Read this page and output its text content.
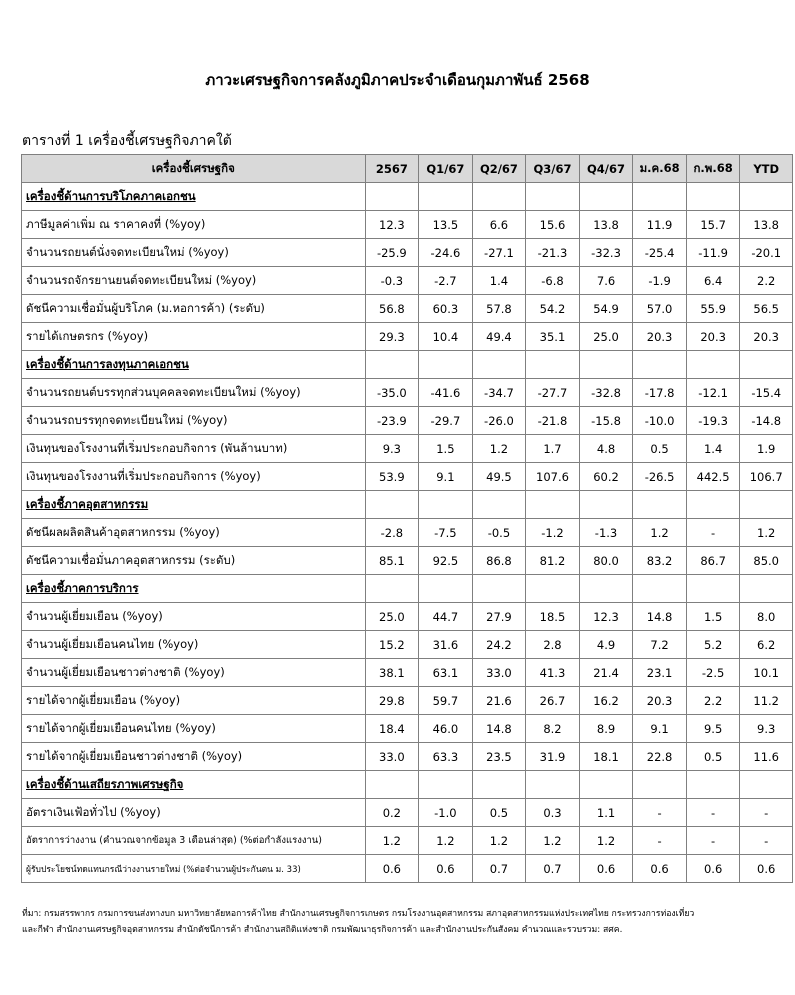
ภาวะเศรษฐกิจการคลังภูมิภาคประจำเดือนกุมภาพันธ์ 2568
ตารางที่ 1 เครื่องชี้เศรษฐกิจภาคใต้
เครื่องชี้เศรษฐกิจ	2567	Q1/67	Q2/67	Q3/67	Q4/67	ม.ค.68	ก.พ.68	YTD
เครื่องชี้ด้านการบริโภคภาคเอกชน								
ภาษีมูลค่าเพิ่ม ณ ราคาคงที่ (%yoy)	12.3	13.5	6.6	15.6	13.8	11.9	15.7	13.8
จำนวนรถยนต์นั่งจดทะเบียนใหม่ (%yoy)	-25.9	-24.6	-27.1	-21.3	-32.3	-25.4	-11.9	-20.1
จำนวนรถจักรยานยนต์จดทะเบียนใหม่ (%yoy)	-0.3	-2.7	1.4	-6.8	7.6	-1.9	6.4	2.2
ดัชนีความเชื่อมั่นผู้บริโภค (ม.หอการค้า) (ระดับ)	56.8	60.3	57.8	54.2	54.9	57.0	55.9	56.5
รายได้เกษตรกร (%yoy)	29.3	10.4	49.4	35.1	25.0	20.3	20.3	20.3
เครื่องชี้ด้านการลงทุนภาคเอกชน								
จำนวนรถยนต์บรรทุกส่วนบุคคลจดทะเบียนใหม่ (%yoy)	-35.0	-41.6	-34.7	-27.7	-32.8	-17.8	-12.1	-15.4
จำนวนรถบรรทุกจดทะเบียนใหม่ (%yoy)	-23.9	-29.7	-26.0	-21.8	-15.8	-10.0	-19.3	-14.8
เงินทุนของโรงงานที่เริ่มประกอบกิจการ (พันล้านบาท)	9.3	1.5	1.2	1.7	4.8	0.5	1.4	1.9
เงินทุนของโรงงานที่เริ่มประกอบกิจการ (%yoy)	53.9	9.1	49.5	107.6	60.2	-26.5	442.5	106.7
เครื่องชี้ภาคอุตสาหกรรม								
ดัชนีผลผลิตสินค้าอุตสาหกรรม (%yoy)	-2.8	-7.5	-0.5	-1.2	-1.3	1.2	-	1.2
ดัชนีความเชื่อมั่นภาคอุตสาหกรรม (ระดับ)	85.1	92.5	86.8	81.2	80.0	83.2	86.7	85.0
เครื่องชี้ภาคการบริการ								
จำนวนผู้เยี่ยมเยือน (%yoy)	25.0	44.7	27.9	18.5	12.3	14.8	1.5	8.0
จำนวนผู้เยี่ยมเยือนคนไทย (%yoy)	15.2	31.6	24.2	2.8	4.9	7.2	5.2	6.2
จำนวนผู้เยี่ยมเยือนชาวต่างชาติ (%yoy)	38.1	63.1	33.0	41.3	21.4	23.1	-2.5	10.1
รายได้จากผู้เยี่ยมเยือน (%yoy)	29.8	59.7	21.6	26.7	16.2	20.3	2.2	11.2
รายได้จากผู้เยี่ยมเยือนคนไทย (%yoy)	18.4	46.0	14.8	8.2	8.9	9.1	9.5	9.3
รายได้จากผู้เยี่ยมเยือนชาวต่างชาติ (%yoy)	33.0	63.3	23.5	31.9	18.1	22.8	0.5	11.6
เครื่องชี้ด้านเสถียรภาพเศรษฐกิจ								
อัตราเงินเฟ้อทั่วไป (%yoy)	0.2	-1.0	0.5	0.3	1.1	-	-	-
อัตราการว่างงาน (คำนวณจากข้อมูล 3 เดือนล่าสุด) (%ต่อกำลังแรงงาน)	1.2	1.2	1.2	1.2	1.2	-	-	-
ผู้รับประโยชน์ทดแทนกรณีว่างงานรายใหม่ (%ต่อจำนวนผู้ประกันตน ม. 33)	0.6	0.6	0.7	0.7	0.6	0.6	0.6	0.6
ที่มา: กรมสรรพากร กรมการขนส่งทางบก มหาวิทยาลัยหอการค้าไทย สำนักงานเศรษฐกิจการเกษตร กรมโรงงานอุตสาหกรรม สภาอุตสาหกรรมแห่งประเทศไทย กระทรวงการท่องเที่ยว
และกีฬา สำนักงานเศรษฐกิจอุตสาหกรรม สำนักดัชนีการค้า สำนักงานสถิติแห่งชาติ กรมพัฒนาธุรกิจการค้า และสำนักงานประกันสังคม คำนวณและรวบรวม: สศค.
